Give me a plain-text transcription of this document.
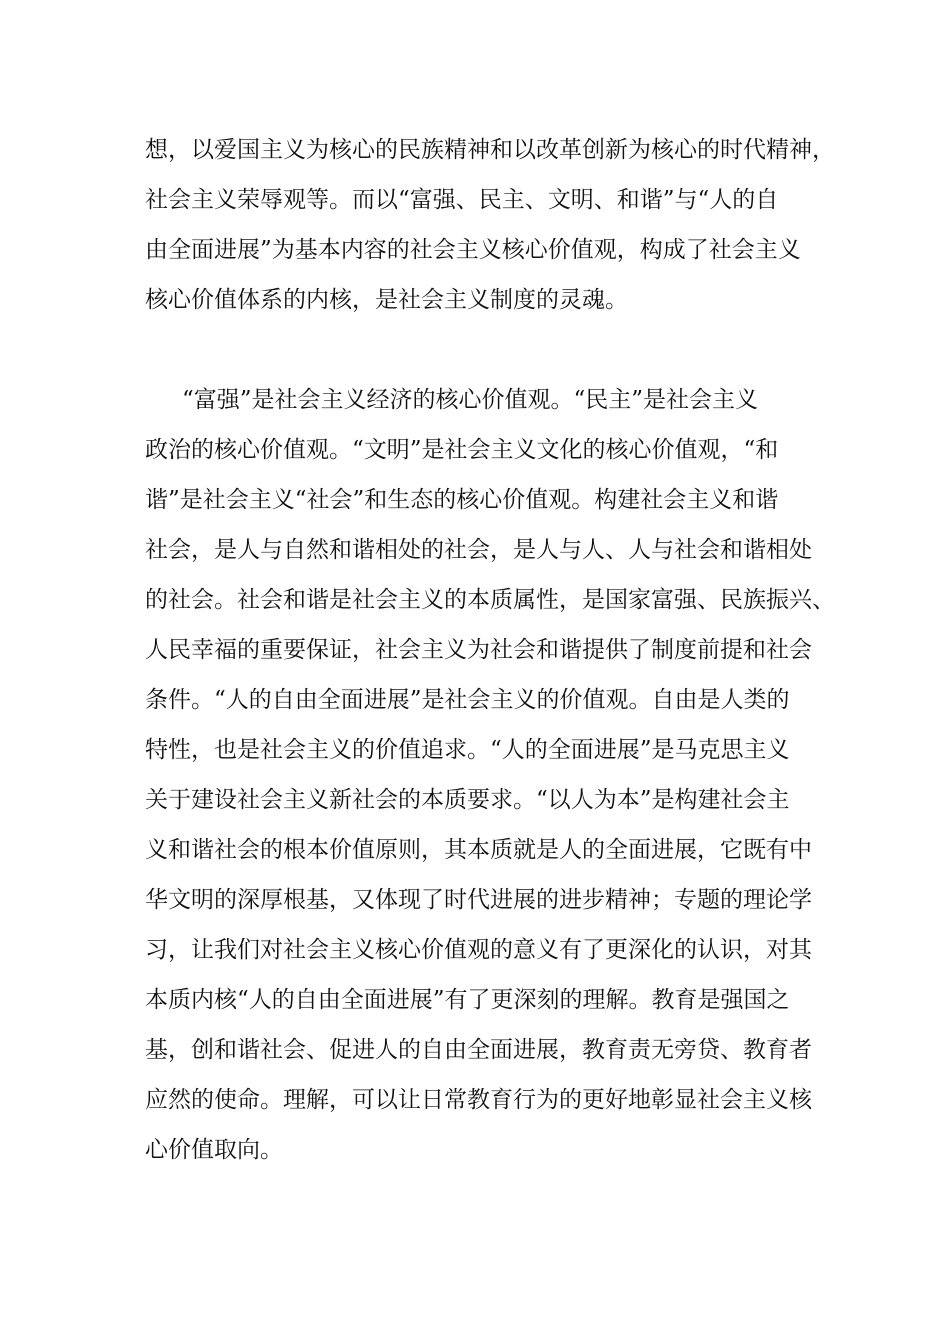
想，以爱国主义为核心的民族精神和以改革创新为核心的时代精神，
社会主义荣辱观等。而以“富强、民主、文明、和谐”与“人的自
由全面进展”为基本内容的社会主义核心价值观，构成了社会主义
核心价值体系的内核，是社会主义制度的灵魂。
“富强”是社会主义经济的核心价值观。“民主”是社会主义
政治的核心价值观。“文明”是社会主义文化的核心价值观，“和
谐”是社会主义“社会”和生态的核心价值观。构建社会主义和谐
社会，是人与自然和谐相处的社会，是人与人、人与社会和谐相处
的社会。社会和谐是社会主义的本质属性，是国家富强、民族振兴、
人民幸福的重要保证，社会主义为社会和谐提供了制度前提和社会
条件。“人的自由全面进展”是社会主义的价值观。自由是人类的
特性，也是社会主义的价值追求。“人的全面进展”是马克思主义
关于建设社会主义新社会的本质要求。“以人为本”是构建社会主
义和谐社会的根本价值原则，其本质就是人的全面进展，它既有中
华文明的深厚根基，又体现了时代进展的进步精神；专题的理论学
习，让我们对社会主义核心价值观的意义有了更深化的认识，对其
本质内核“人的自由全面进展”有了更深刻的理解。教育是强国之
基，创和谐社会、促进人的自由全面进展，教育责无旁贷、教育者
应然的使命。理解，可以让日常教育行为的更好地彰显社会主义核
心价值取向。
